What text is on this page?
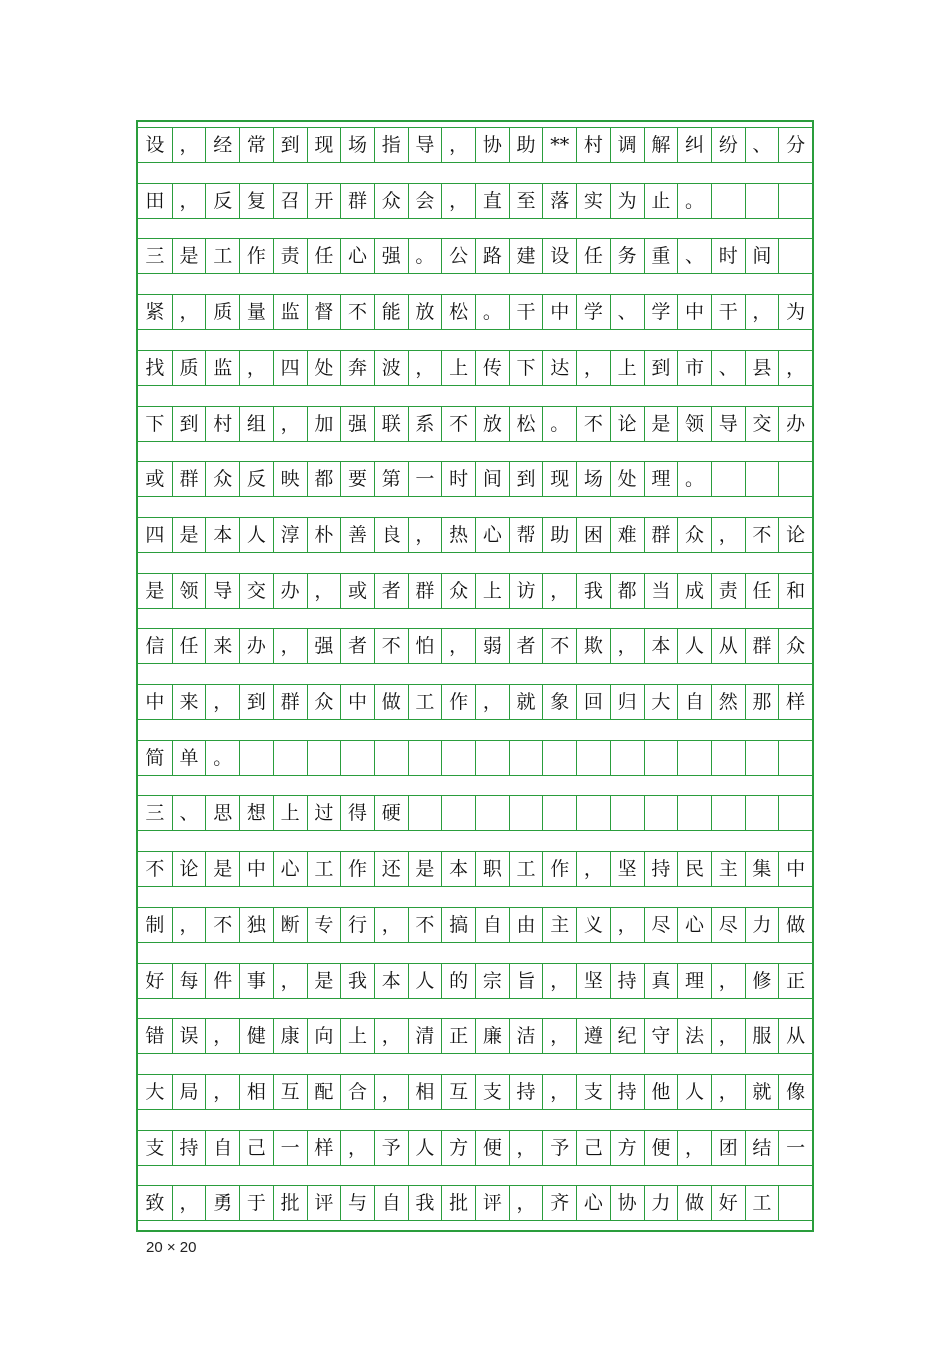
设 ， 经 常 到 现 场 指 导 ， 协 助 ** 村 调 解 纠 纷 、 分
田 ， 反 复 召 开 群 众 会 ， 直 至 落 实 为 止 。
三 是 工 作 责 任 心 强 。 公 路 建 设 任 务 重 、 时 间
紧 ， 质 量 监 督 不 能 放 松 。 干 中 学 、 学 中 干 ， 为
找 质 监 ， 四 处 奔 波 ， 上 传 下 达 ， 上 到 市 、 县 ，
下 到 村 组 ， 加 强 联 系 不 放 松 。 不 论 是 领 导 交 办
或 群 众 反 映 都 要 第 一 时 间 到 现 场 处 理 。
四 是 本 人 淳 朴 善 良 ， 热 心 帮 助 困 难 群 众 ， 不 论
是 领 导 交 办 ， 或 者 群 众 上 访 ， 我 都 当 成 责 任 和
信 任 来 办 ， 强 者 不 怕 ， 弱 者 不 欺 ， 本 人 从 群 众
中 来 ， 到 群 众 中 做 工 作 ， 就 象 回 归 大 自 然 那 样
简 单 。
三 、 思 想 上 过 得 硬
不 论 是 中 心 工 作 还 是 本 职 工 作 ， 坚 持 民 主 集 中
制 ， 不 独 断 专 行 ， 不 搞 自 由 主 义 ， 尽 心 尽 力 做
好 每 件 事 ， 是 我 本 人 的 宗 旨 ， 坚 持 真 理 ， 修 正
错 误 ， 健 康 向 上 ， 清 正 廉 洁 ， 遵 纪 守 法 ， 服 从
大 局 ， 相 互 配 合 ， 相 互 支 持 ， 支 持 他 人 ， 就 像
支 持 自 己 一 样 ， 予 人 方 便 ， 予 己 方 便 ， 团 结 一
致 ， 勇 于 批 评 与 自 我 批 评 ， 齐 心 协 力 做 好 工
20 × 20
